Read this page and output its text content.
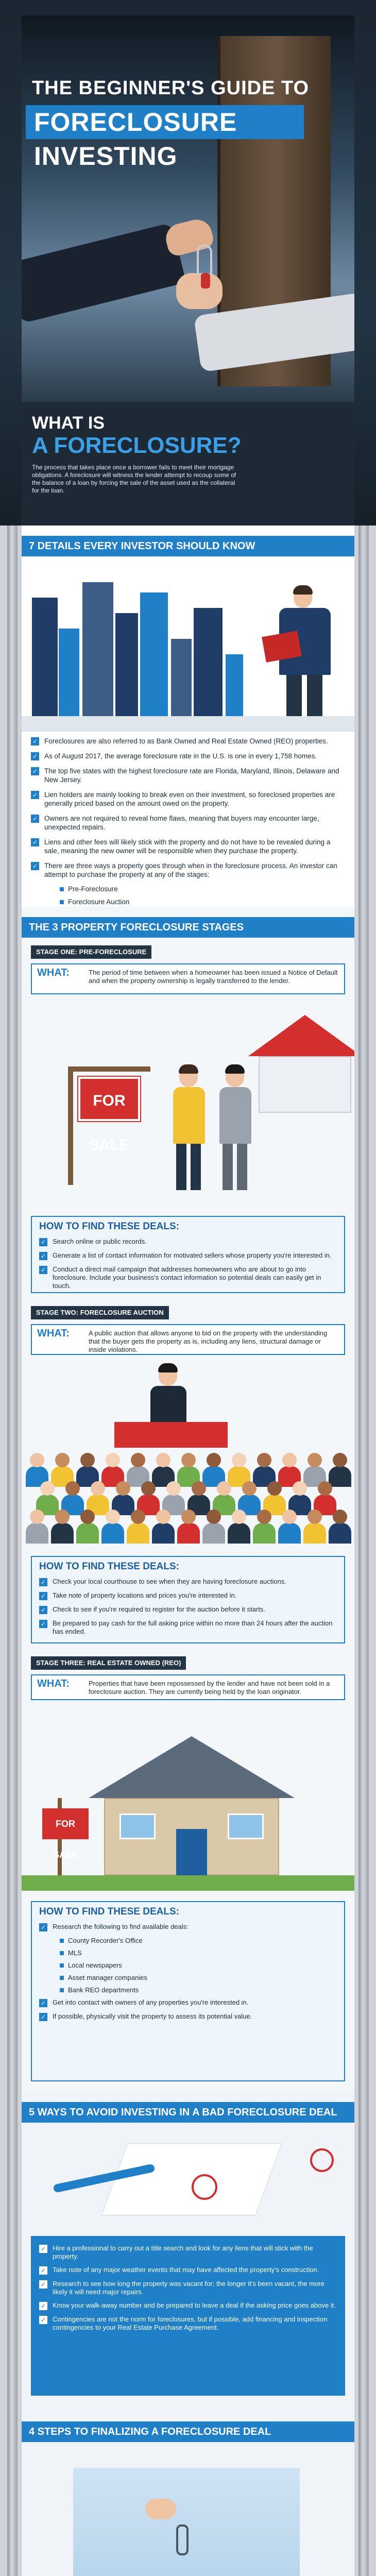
THE BEGINNER'S GUIDE TO
FORECLOSURE INVESTING
WHAT IS
A FORECLOSURE?
The process that takes place once a borrower fails to meet their mortgage obligations. A foreclosure will witness the lender attempt to recoup some of the balance of a loan by forcing the sale of the asset used as the collateral for the loan.
7 DETAILS EVERY INVESTOR SHOULD KNOW
✓ Foreclosures are also referred to as Bank Owned and Real Estate Owned (REO) properties.
✓ As of August 2017, the average foreclosure rate in the U.S. is one in every 1,758 homes.
✓ The top five states with the highest foreclosure rate are Florida, Maryland, Illinois, Delaware and New Jersey.
✓ Lien holders are mainly looking to break even on their investment, so foreclosed properties are generally priced based on the amount owed on the property.
✓ Owners are not required to reveal home flaws, meaning that buyers may encounter large, unexpected repairs.
✓ Liens and other fees will likely stick with the property and do not have to be revealed during a sale, meaning the new owner will be responsible when they purchase the property.
✓ There are three ways a property goes through when in the foreclosure process. An investor can attempt to purchase the property at any of the stages:
Pre-Foreclosure
Foreclosure Auction
THE 3 PROPERTY FORECLOSURE STAGES
STAGE ONE: PRE-FORECLOSURE
WHAT:	The period of time between when a homeowner has been issued a Notice of Default and when the property ownership is legally transferred to the lender.
FOR SALE
HOW TO FIND THESE DEALS:
✓ Search online or public records.
✓ Generate a list of contact information for motivated sellers whose property you're interested in.
✓ Conduct a direct mail campaign that addresses homeowners who are about to go into foreclosure. Include your business's contact information so potential deals can easily get in touch.
STAGE TWO: FORECLOSURE AUCTION
WHAT:	A public auction that allows anyone to bid on the property with the understanding that the buyer gets the property as is, including any liens, structural damage or inside violations.
HOW TO FIND THESE DEALS:
✓ Check your local courthouse to see when they are having foreclosure auctions.
✓ Take note of property locations and prices you're interested in.
✓ Check to see if you're required to register for the auction before it starts.
✓ Be prepared to pay cash for the full asking price within no more than 24 hours after the auction has ended.
STAGE THREE: REAL ESTATE OWNED (REO)
WHAT:	Properties that have been repossessed by the lender and have not been sold in a foreclosure auction. They are currently being held by the loan originator.
FOR SALE
HOW TO FIND THESE DEALS:
✓ Research the following to find available deals:
County Recorder's Office
MLS
Local newspapers
Asset manager companies
Bank REO departments
✓ Get into contact with owners of any properties you're interested in.
✓ If possible, physically visit the property to assess its potential value.
5 WAYS TO AVOID INVESTING IN A BAD FORECLOSURE DEAL
✓ Hire a professional to carry out a title search and look for any liens that will stick with the property.
✓ Take note of any major weather events that may have affected the property's construction.
✓ Research to see how long the property was vacant for; the longer it's been vacant, the more likely it will need major repairs.
✓ Know your walk-away number and be prepared to leave a deal if the asking price goes above it.
✓ Contingencies are not the norm for foreclosures, but if possible, add financing and inspection contingencies to your Real Estate Purchase Agreement.
4 STEPS TO FINALIZING A FORECLOSURE DEAL
